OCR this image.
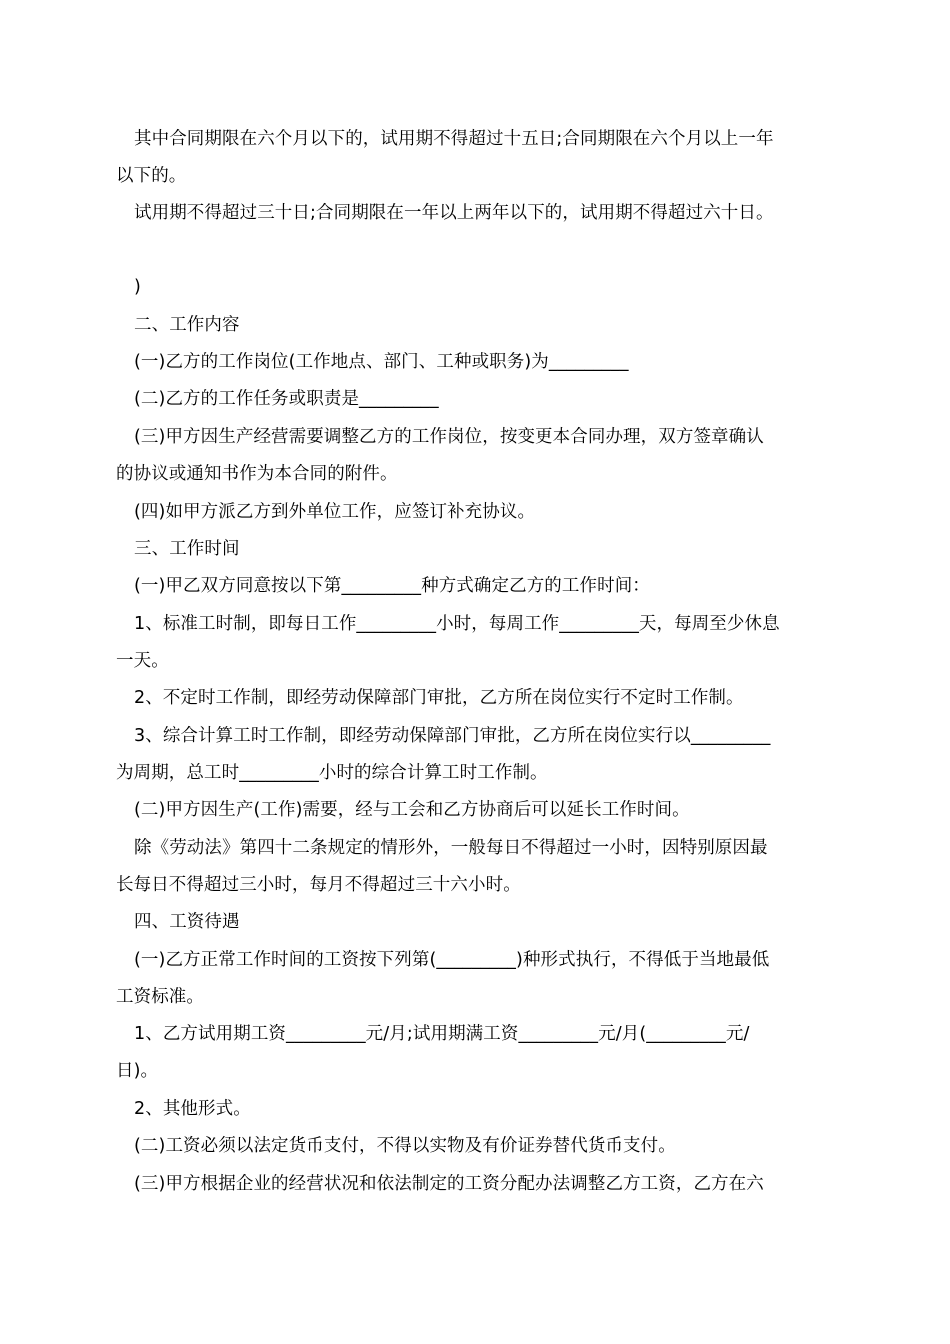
其中合同期限在六个月以下的，试用期不得超过十五日;合同期限在六个月以上一年
以下的。
试用期不得超过三十日;合同期限在一年以上两年以下的，试用期不得超过六十日。
)
二、工作内容
(一)乙方的工作岗位(工作地点、部门、工种或职务)为_________
(二)乙方的工作任务或职责是_________
(三)甲方因生产经营需要调整乙方的工作岗位，按变更本合同办理，双方签章确认
的协议或通知书作为本合同的附件。
(四)如甲方派乙方到外单位工作，应签订补充协议。
三、工作时间
(一)甲乙双方同意按以下第_________种方式确定乙方的工作时间：
1、标准工时制，即每日工作_________小时，每周工作_________天，每周至少休息
一天。
2、不定时工作制，即经劳动保障部门审批，乙方所在岗位实行不定时工作制。
3、综合计算工时工作制，即经劳动保障部门审批，乙方所在岗位实行以_________
为周期，总工时_________小时的综合计算工时工作制。
(二)甲方因生产(工作)需要，经与工会和乙方协商后可以延长工作时间。
除《劳动法》第四十二条规定的情形外，一般每日不得超过一小时，因特别原因最
长每日不得超过三小时，每月不得超过三十六小时。
四、工资待遇
(一)乙方正常工作时间的工资按下列第(_________)种形式执行，不得低于当地最低
工资标准。
1、乙方试用期工资_________元/月;试用期满工资_________元/月(_________元/
日)。
2、其他形式。
(二)工资必须以法定货币支付，不得以实物及有价证券替代货币支付。
(三)甲方根据企业的经营状况和依法制定的工资分配办法调整乙方工资，乙方在六
